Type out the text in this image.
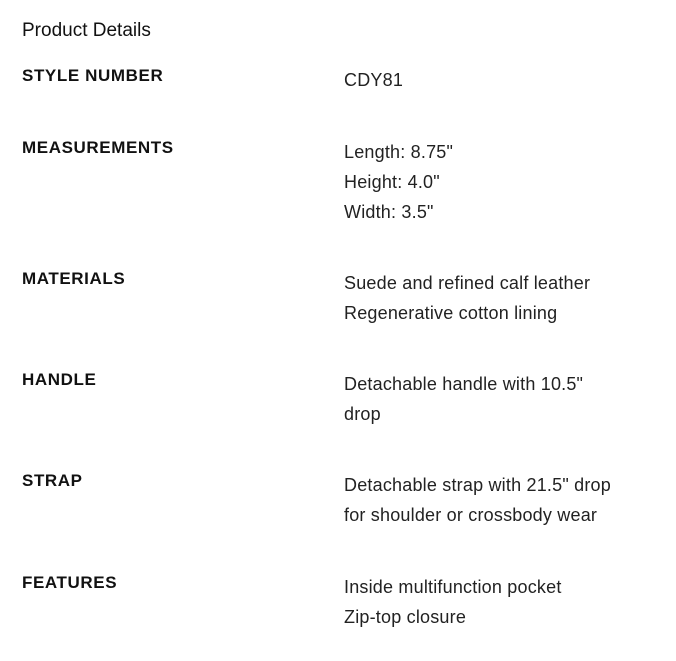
Product Details
STYLE NUMBER	CDY81
MEASUREMENTS	Length: 8.75"
Height: 4.0"
Width: 3.5"
MATERIALS	Suede and refined calf leather
Regenerative cotton lining
HANDLE	Detachable handle with 10.5"
drop
STRAP	Detachable strap with 21.5" drop
for shoulder or crossbody wear
FEATURES	Inside multifunction pocket
Zip-top closure
